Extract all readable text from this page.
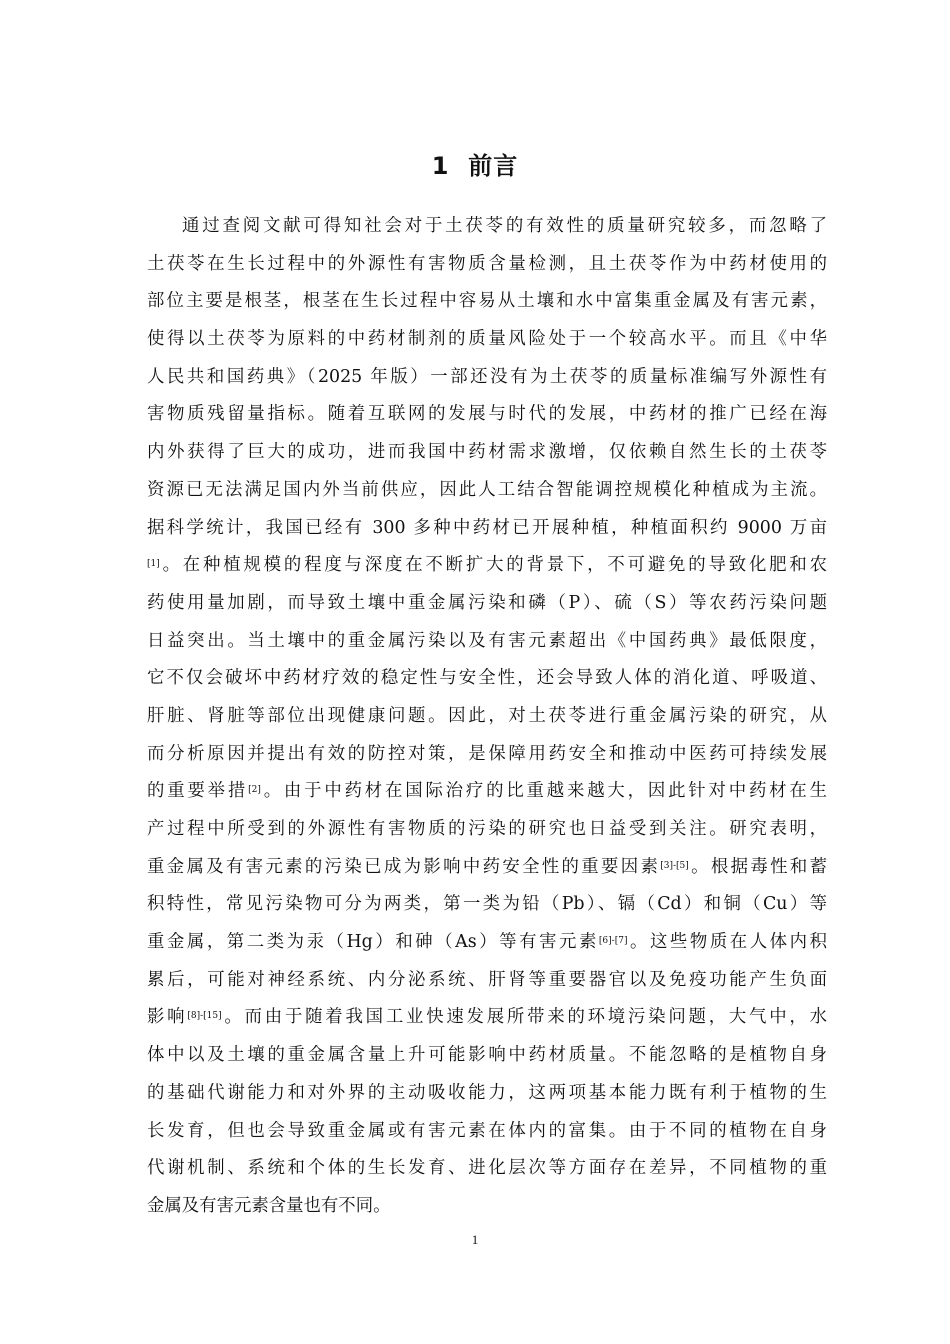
1  前言
通过查阅文献可得知社会对于土茯苓的有效性的质量研究较多，而忽略了
土茯苓在生长过程中的外源性有害物质含量检测，且土茯苓作为中药材使用的
部位主要是根茎，根茎在生长过程中容易从土壤和水中富集重金属及有害元素，
使得以土茯苓为原料的中药材制剂的质量风险处于一个较高水平。而且《中华
人民共和国药典》（2025 年版）一部还没有为土茯苓的质量标准编写外源性有
害物质残留量指标。随着互联网的发展与时代的发展，中药材的推广已经在海
内外获得了巨大的成功，进而我国中药材需求激增，仅依赖自然生长的土茯苓
资源已无法满足国内外当前供应，因此人工结合智能调控规模化种植成为主流。
据科学统计，我国已经有 300 多种中药材已开展种植，种植面积约 9000 万亩
[1]。在种植规模的程度与深度在不断扩大的背景下，不可避免的导致化肥和农
药使用量加剧，而导致土壤中重金属污染和磷（P）、硫（S）等农药污染问题
日益突出。当土壤中的重金属污染以及有害元素超出《中国药典》最低限度，
它不仅会破坏中药材疗效的稳定性与安全性，还会导致人体的消化道、呼吸道、
肝脏、肾脏等部位出现健康问题。因此，对土茯苓进行重金属污染的研究，从
而分析原因并提出有效的防控对策，是保障用药安全和推动中医药可持续发展
的重要举措[2]。由于中药材在国际治疗的比重越来越大，因此针对中药材在生
产过程中所受到的外源性有害物质的污染的研究也日益受到关注。研究表明，
重金属及有害元素的污染已成为影响中药安全性的重要因素[3]-[5]。根据毒性和蓄
积特性，常见污染物可分为两类，第一类为铅（Pb）、镉（Cd）和铜（Cu）等
重金属，第二类为汞（Hg）和砷（As）等有害元素[6]-[7]。这些物质在人体内积
累后，可能对神经系统、内分泌系统、肝肾等重要器官以及免疫功能产生负面
影响[8]-[15]。而由于随着我国工业快速发展所带来的环境污染问题，大气中，水
体中以及土壤的重金属含量上升可能影响中药材质量。不能忽略的是植物自身
的基础代谢能力和对外界的主动吸收能力，这两项基本能力既有利于植物的生
长发育，但也会导致重金属或有害元素在体内的富集。由于不同的植物在自身
代谢机制、系统和个体的生长发育、进化层次等方面存在差异，不同植物的重
金属及有害元素含量也有不同。
1
